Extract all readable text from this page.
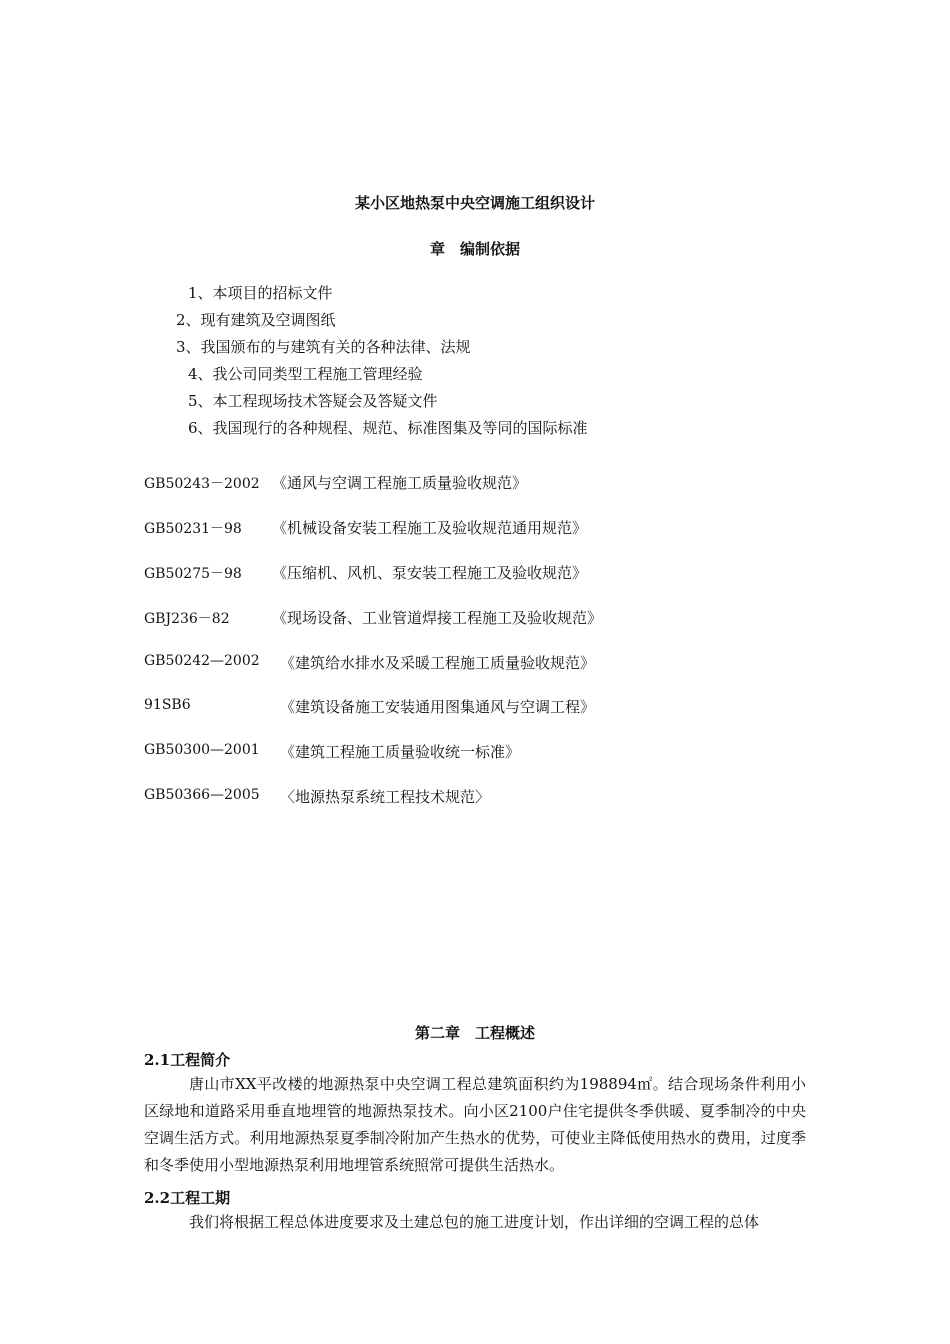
某小区地热泵中央空调施工组织设计
章　编制依据
1、本项目的招标文件
2、现有建筑及空调图纸
3、我国颁布的与建筑有关的各种法律、法规
4、我公司同类型工程施工管理经验
5、本工程现场技术答疑会及答疑文件
6、我国现行的各种规程、规范、标准图集及等同的国际标准
GB50243－2002 《通风与空调工程施工质量验收规范》
GB50231－98 《机械设备安装工程施工及验收规范通用规范》
GB50275－98 《压缩机、风机、泵安装工程施工及验收规范》
GBJ236－82	《现场设备、工业管道焊接工程施工及验收规范》
GB50242—2002 《建筑给水排水及采暖工程施工质量验收规范》
91SB6	《建筑设备施工安装通用图集通风与空调工程》
GB50300—2001 《建筑工程施工质量验收统一标准》
GB50366—2005 〈地源热泵系统工程技术规范〉
第二章　工程概述
2.1工程简介
唐山市XX平改楼的地源热泵中央空调工程总建筑面积约为198894㎡。结合现场条件利用小区绿地和道路采用垂直地埋管的地源热泵技术。向小区2100户住宅提供冬季供暖、夏季制冷的中央空调生活方式。利用地源热泵夏季制冷附加产生热水的优势，可使业主降低使用热水的费用，过度季和冬季使用小型地源热泵利用地埋管系统照常可提供生活热水。
2.2工程工期
我们将根据工程总体进度要求及土建总包的施工进度计划，作出详细的空调工程的总体
